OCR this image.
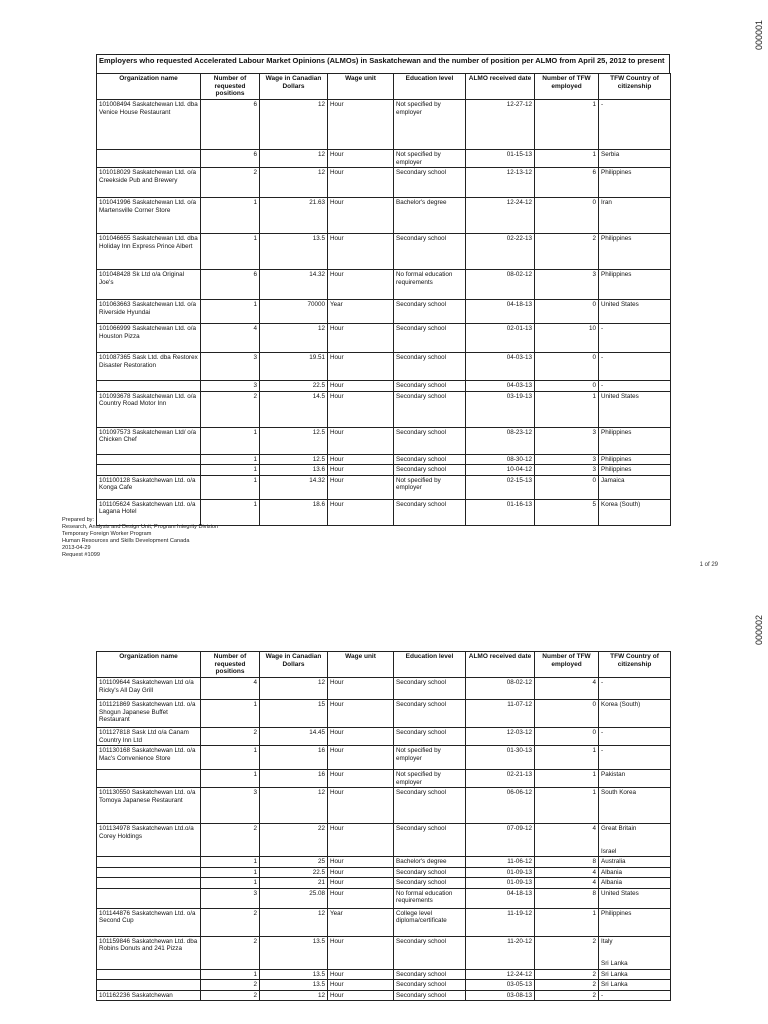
000001
Employers who requested Accelerated Labour Market Opinions (ALMOs) in Saskatchewan and the number of position per ALMO from April 25, 2012 to present
Organization name	Number of requested positions	Wage in Canadian Dollars	Wage unit	Education level	ALMO received date	Number of TFW employed	TFW Country of citizenship
101008494 Saskatchewan Ltd. dba Venice House Restaurant	6	12	Hour	Not specified by employer	12-27-12	1	-
	6	12	Hour	Not specified by employer	01-15-13	1	Serbia
101018029 Saskatchewan Ltd. o/a Creekside Pub and Brewery	2	12	Hour	Secondary school	12-13-12	6	Philippines
101041996 Saskatchewan Ltd. o/a Martensville Corner Store	1	21.63	Hour	Bachelor's degree	12-24-12	0	Iran
101046655 Saskatchewan Ltd. dba Holiday Inn Express Prince Albert	1	13.5	Hour	Secondary school	02-22-13	2	Philippines
101048428 Sk Ltd o/a Original Joe's	6	14.32	Hour	No formal education requirements	08-02-12	3	Philippines
101063663 Saskatchewan Ltd. o/a Riverside Hyundai	1	70000	Year	Secondary school	04-18-13	0	United States
101066999 Saskatchewan Ltd. o/a Houston Pizza	4	12	Hour	Secondary school	02-01-13	10	-
101087365 Sask Ltd. dba Restorex Disaster Restoration	3	19.51	Hour	Secondary school	04-03-13	0	-
	3	22.5	Hour	Secondary school	04-03-13	0	-
101093678 Saskatchewan Ltd. o/a Country Road Motor Inn	2	14.5	Hour	Secondary school	03-19-13	1	United States
101097573 Saskatchewan Ltd/ o/a Chicken Chef	1	12.5	Hour	Secondary school	08-23-12	3	Philippines
	1	12.5	Hour	Secondary school	08-30-12	3	Philippines
	1	13.6	Hour	Secondary school	10-04-12	3	Philippines
101100128 Saskatchewan Ltd. o/a Konga Cafe	1	14.32	Hour	Not specified by employer	02-15-13	0	Jamaica
101105624 Saskatchewan Ltd. o/a Lagana Hotel	1	18.6	Hour	Secondary school	01-16-13	5	Korea (South)
Prepared by:
Research, Analysis and Design Unit, Program Integrity Division
Temporary Foreign Worker Program
Human Resources and Skills Development Canada
2013-04-29
Request #1099
1 of 29
000002
Organization name	Number of requested positions	Wage in Canadian Dollars	Wage unit	Education level	ALMO received date	Number of TFW employed	TFW Country of citizenship
101109644 Saskatchewan Ltd o/a Ricky's All Day Grill	4	12	Hour	Secondary school	08-02-12	4	-
101121869 Saskatchewan Ltd. o/a Shogun Japanese Buffet Restaurant	1	15	Hour	Secondary school	11-07-12	0	Korea (South)
101127818 Sask Ltd o/a Canam Country Inn Ltd	2	14.45	Hour	Secondary school	12-03-12	0	-
101130168 Saskatchewan Ltd. o/a Mac's Convenience Store	1	16	Hour	Not specified by employer	01-30-13	1	-
	1	16	Hour	Not specified by employer	02-21-13	1	Pakistan
101130550 Saskatchewan Ltd. o/a Tomoya Japanese Restaurant	3	12	Hour	Secondary school	06-06-12	1	South Korea
101134978 Saskatchewan Ltd.o/a Corey Holdings	2	22	Hour	Secondary school	07-09-12	4	Great Britain

Israel
	1	25	Hour	Bachelor's degree	11-06-12	8	Australia
	1	22.5	Hour	Secondary school	01-09-13	4	Albania
	1	21	Hour	Secondary school	01-09-13	4	Albania
	3	25.08	Hour	No formal education requirements	04-18-13	8	United States
101144876 Saskatchewan Ltd. o/a Second Cup	2	12	Year	College level diploma/certificate	11-19-12	1	Philippines
101159846 Saskatchewan Ltd. dba Robins Donuts and 241 Pizza	2	13.5	Hour	Secondary school	11-20-12	2	Italy

Sri Lanka
	1	13.5	Hour	Secondary school	12-24-12	2	Sri Lanka
	2	13.5	Hour	Secondary school	03-05-13	2	Sri Lanka
101162236 Saskatchewan	2	12	Hour	Secondary school	03-08-13	2	-
